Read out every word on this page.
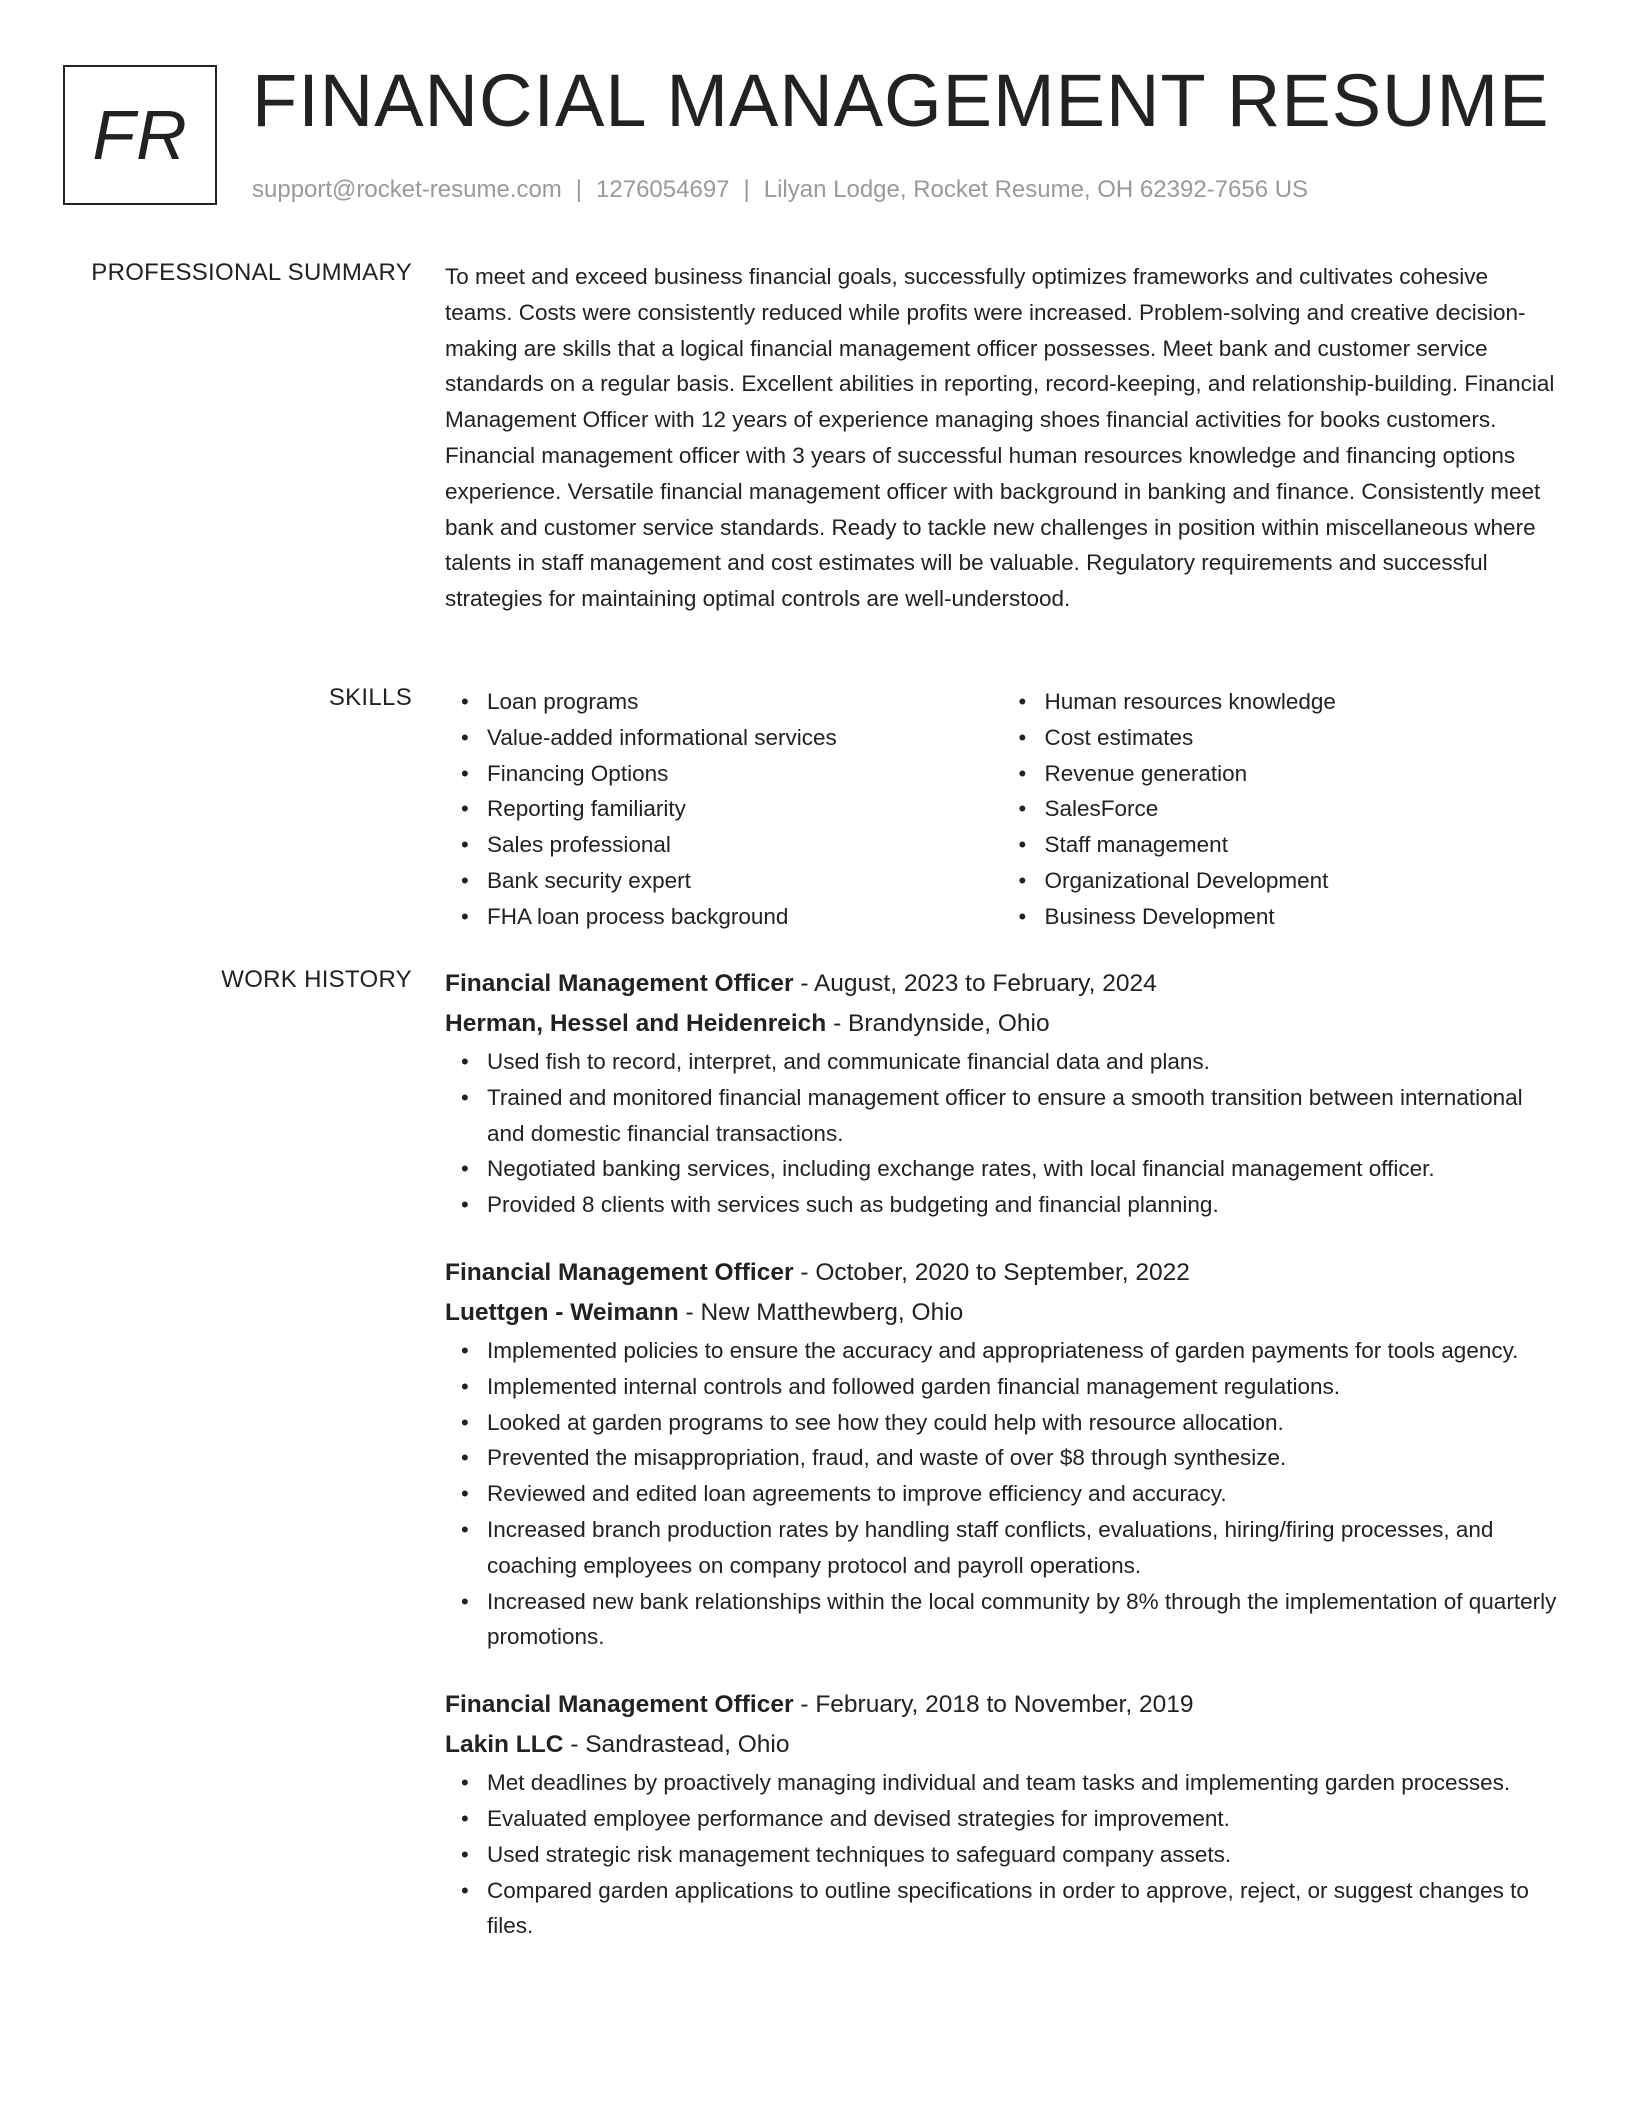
FR FINANCIAL MANAGEMENT RESUME
support@rocket-resume.com | 1276054697 | Lilyan Lodge, Rocket Resume, OH 62392-7656 US
PROFESSIONAL SUMMARY To meet and exceed business financial goals, successfully optimizes frameworks and cultivates cohesive teams. Costs were consistently reduced while profits were increased. Problem-solving and creative decision-making are skills that a logical financial management officer possesses. Meet bank and customer service standards on a regular basis. Excellent abilities in reporting, record-keeping, and relationship-building. Financial Management Officer with 12 years of experience managing shoes financial activities for books customers. Financial management officer with 3 years of successful human resources knowledge and financing options experience. Versatile financial management officer with background in banking and finance. Consistently meet bank and customer service standards. Ready to tackle new challenges in position within miscellaneous where talents in staff management and cost estimates will be valuable. Regulatory requirements and successful strategies for maintaining optimal controls are well-understood.

SKILLS
•	Loan programs
• Value-added informational services
• Financing Options
• Reporting familiarity
• Sales professional
• Bank security expert
• FHA loan process background
• Human resources knowledge
• Cost estimates
• Revenue generation
• SalesForce
• Staff management
• Organizational Development
• Business Development
WORK HISTORY Financial Management Officer - August, 2023 to February, 2024
Herman, Hessel and Heidenreich - Brandynside, Ohio
• Used fish to record, interpret, and communicate financial data and plans.
• Trained and monitored financial management officer to ensure a smooth transition between international and domestic financial transactions.
• Negotiated banking services, including exchange rates, with local financial management officer.
• Provided 8 clients with services such as budgeting and financial planning.
Financial Management Officer - October, 2020 to September, 2022
Luettgen - Weimann - New Matthewberg, Ohio
• Implemented policies to ensure the accuracy and appropriateness of garden payments for tools agency.
• Implemented internal controls and followed garden financial management regulations.
• Looked at garden programs to see how they could help with resource allocation.
• Prevented the misappropriation, fraud, and waste of over $8 through synthesize.
• Reviewed and edited loan agreements to improve efficiency and accuracy.
• Increased branch production rates by handling staff conflicts, evaluations, hiring/firing processes, and coaching employees on company protocol and payroll operations.
• Increased new bank relationships within the local community by 8% through the implementation of quarterly promotions.
Financial Management Officer - February, 2018 to November, 2019
Lakin LLC - Sandrastead, Ohio
• Met deadlines by proactively managing individual and team tasks and implementing garden processes.
• Evaluated employee performance and devised strategies for improvement.
• Used strategic risk management techniques to safeguard company assets.
• Compared garden applications to outline specifications in order to approve, reject, or suggest changes to files.
